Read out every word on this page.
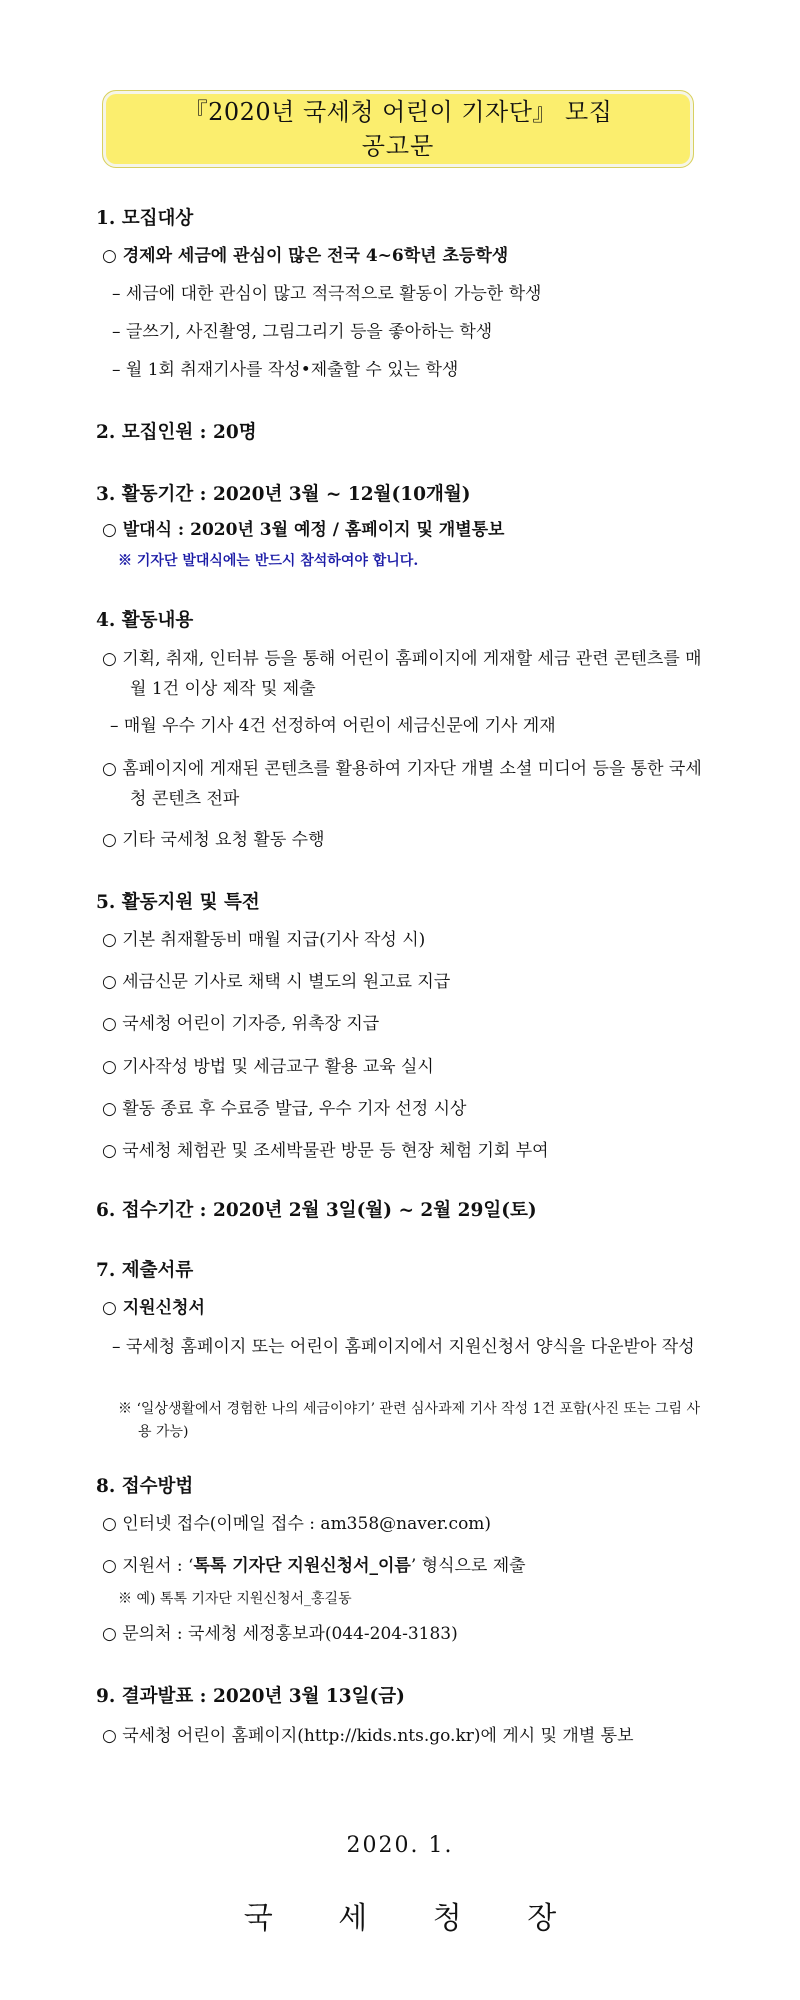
『2020년 국세청 어린이 기자단』 모집
공고문
1. 모집대상
○ 경제와 세금에 관심이 많은 전국 4~6학년 초등학생
– 세금에 대한 관심이 많고 적극적으로 활동이 가능한 학생
– 글쓰기, 사진촬영, 그림그리기 등을 좋아하는 학생
– 월 1회 취재기사를 작성•제출할 수 있는 학생
2. 모집인원 : 20명
3. 활동기간 : 2020년 3월 ~ 12월(10개월)
○ 발대식 : 2020년 3월 예정 / 홈페이지 및 개별통보
※ 기자단 발대식에는 반드시 참석하여야 합니다.
4. 활동내용
○ 기획, 취재, 인터뷰 등을 통해 어린이 홈페이지에 게재할 세금 관련 콘텐츠를 매월 1건 이상 제작 및 제출
– 매월 우수 기사 4건 선정하여 어린이 세금신문에 기사 게재
○ 홈페이지에 게재된 콘텐츠를 활용하여 기자단 개별 소셜 미디어 등을 통한 국세청 콘텐츠 전파
○ 기타 국세청 요청 활동 수행
5. 활동지원 및 특전
○ 기본 취재활동비 매월 지급(기사 작성 시)
○ 세금신문 기사로 채택 시 별도의 원고료 지급
○ 국세청 어린이 기자증, 위촉장 지급
○ 기사작성 방법 및 세금교구 활용 교육 실시
○ 활동 종료 후 수료증 발급, 우수 기자 선정 시상
○ 국세청 체험관 및 조세박물관 방문 등 현장 체험 기회 부여
6. 접수기간 : 2020년 2월 3일(월) ~ 2월 29일(토)
7. 제출서류
○ 지원신청서
– 국세청 홈페이지 또는 어린이 홈페이지에서 지원신청서 양식을 다운받아 작성
※ ‘일상생활에서 경험한 나의 세금이야기’ 관련 심사과제 기사 작성 1건 포함(사진 또는 그림 사용 가능)
8. 접수방법
○ 인터넷 접수(이메일 접수 : am358@naver.com)
○ 지원서 : ‘톡톡 기자단 지원신청서_이름’ 형식으로 제출
※ 예) 톡톡 기자단 지원신청서_홍길동
○ 문의처 : 국세청 세정홍보과(044-204-3183)
9. 결과발표 : 2020년 3월 13일(금)
○ 국세청 어린이 홈페이지(http://kids.nts.go.kr)에 게시 및 개별 통보
2020. 1.
국 세 청 장
